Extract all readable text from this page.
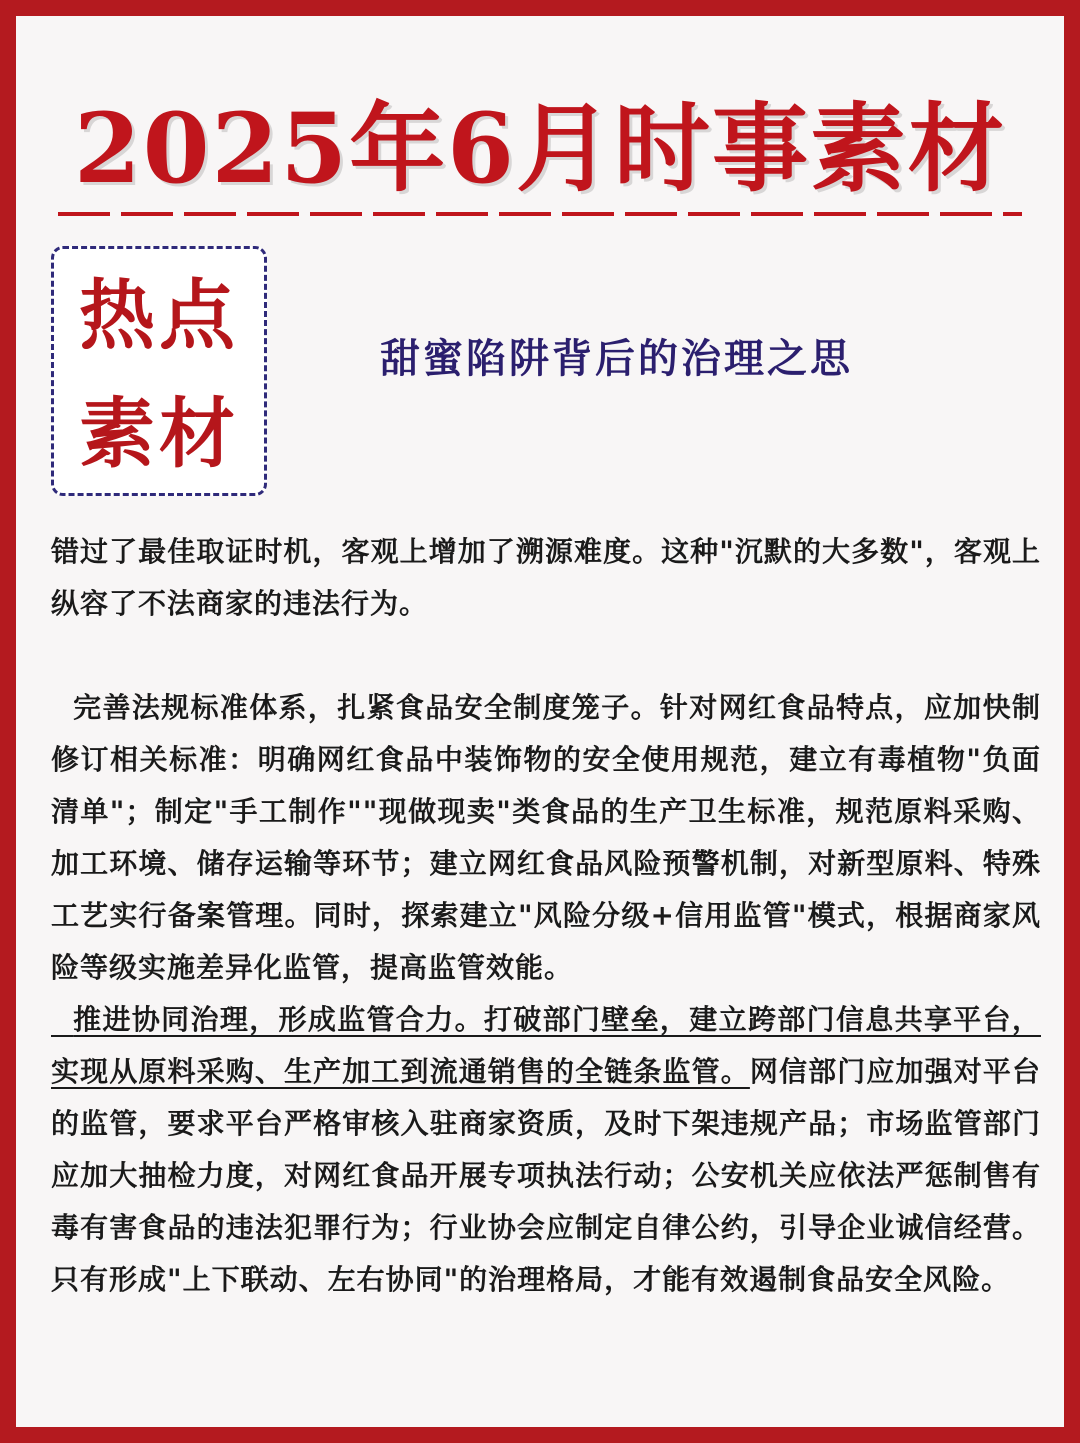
2025年6月时事素材
热点
素材
甜蜜陷阱背后的治理之思

错过了最佳取证时机，客观上增加了溯源难度。这种"沉默的大多数"，客观上纵容了不法商家的违法行为。

完善法规标准体系，扎紧食品安全制度笼子。针对网红食品特点，应加快制修订相关标准：明确网红食品中装饰物的安全使用规范，建立有毒植物"负面清单"；制定"手工制作""现做现卖"类食品的生产卫生标准，规范原料采购、加工环境、储存运输等环节；建立网红食品风险预警机制，对新型原料、特殊工艺实行备案管理。同时，探索建立"风险分级+信用监管"模式，根据商家风险等级实施差异化监管，提高监管效能。

推进协同治理，形成监管合力。打破部门壁垒，建立跨部门信息共享平台，实现从原料采购、生产加工到流通销售的全链条监管。网信部门应加强对平台的监管，要求平台严格审核入驻商家资质，及时下架违规产品；市场监管部门应加大抽检力度，对网红食品开展专项执法行动；公安机关应依法严惩制售有毒有害食品的违法犯罪行为；行业协会应制定自律公约，引导企业诚信经营。只有形成"上下联动、左右协同"的治理格局，才能有效遏制食品安全风险。
